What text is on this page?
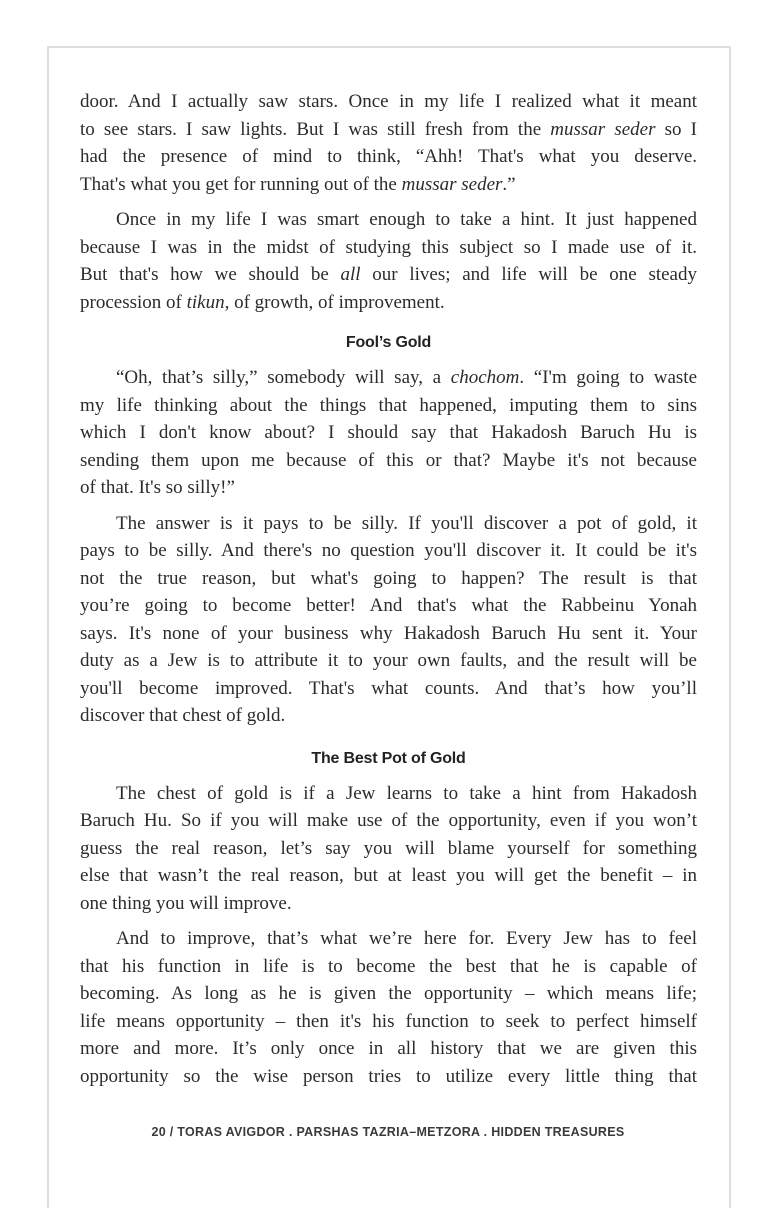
door. And I actually saw stars. Once in my life I realized what it meant
to see stars. I saw lights. But I was still fresh from the mussar seder so I
had the presence of mind to think, “Ahh! That's what you deserve.
That's what you get for running out of the mussar seder.”
Once in my life I was smart enough to take a hint. It just happened
because I was in the midst of studying this subject so I made use of it.
But that's how we should be all our lives; and life will be one steady
procession of tikun, of growth, of improvement.
Fool’s Gold
“Oh, that’s silly,” somebody will say, a chochom. “I'm going to waste
my life thinking about the things that happened, imputing them to sins
which I don't know about? I should say that Hakadosh Baruch Hu is
sending them upon me because of this or that? Maybe it's not because
of that. It's so silly!”
The answer is it pays to be silly. If you'll discover a pot of gold, it
pays to be silly. And there's no question you'll discover it. It could be it's
not the true reason, but what's going to happen? The result is that
you’re going to become better! And that's what the Rabbeinu Yonah
says. It's none of your business why Hakadosh Baruch Hu sent it. Your
duty as a Jew is to attribute it to your own faults, and the result will be
you'll become improved. That's what counts. And that’s how you’ll
discover that chest of gold.
The Best Pot of Gold
The chest of gold is if a Jew learns to take a hint from Hakadosh
Baruch Hu. So if you will make use of the opportunity, even if you won’t
guess the real reason, let’s say you will blame yourself for something
else that wasn’t the real reason, but at least you will get the benefit – in
one thing you will improve.
And to improve, that’s what we’re here for. Every Jew has to feel
that his function in life is to become the best that he is capable of
becoming. As long as he is given the opportunity – which means life;
life means opportunity – then it's his function to seek to perfect himself
more and more. It’s only once in all history that we are given this
opportunity so the wise person tries to utilize every little thing that
20 / TORAS AVIGDOR . PARSHAS TAZRIA–METZORA . HIDDEN TREASURES
